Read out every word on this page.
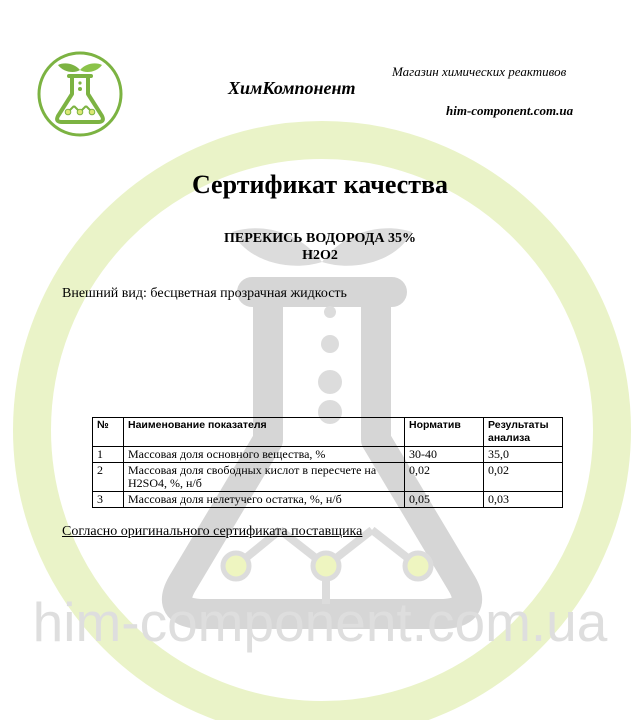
Магазин химических реактивов
ХимКомпонент
him-component.com.ua
Сертификат качества
ПЕРЕКИСЬ ВОДОРОДА 35%
H2O2
Внешний вид: бесцветная прозрачная жидкость
№	Наименование показателя	Норматив	Результаты анализа
1	Массовая доля основного вещества, %	30-40	35,0
2	Массовая доля свободных кислот в пересчете на H2SO4, %, н/б	0,02	0,02
3	Массовая доля нелетучего остатка, %, н/б	0,05	0,03
Согласно оригинального сертификата поставщика
him-component.com.ua
